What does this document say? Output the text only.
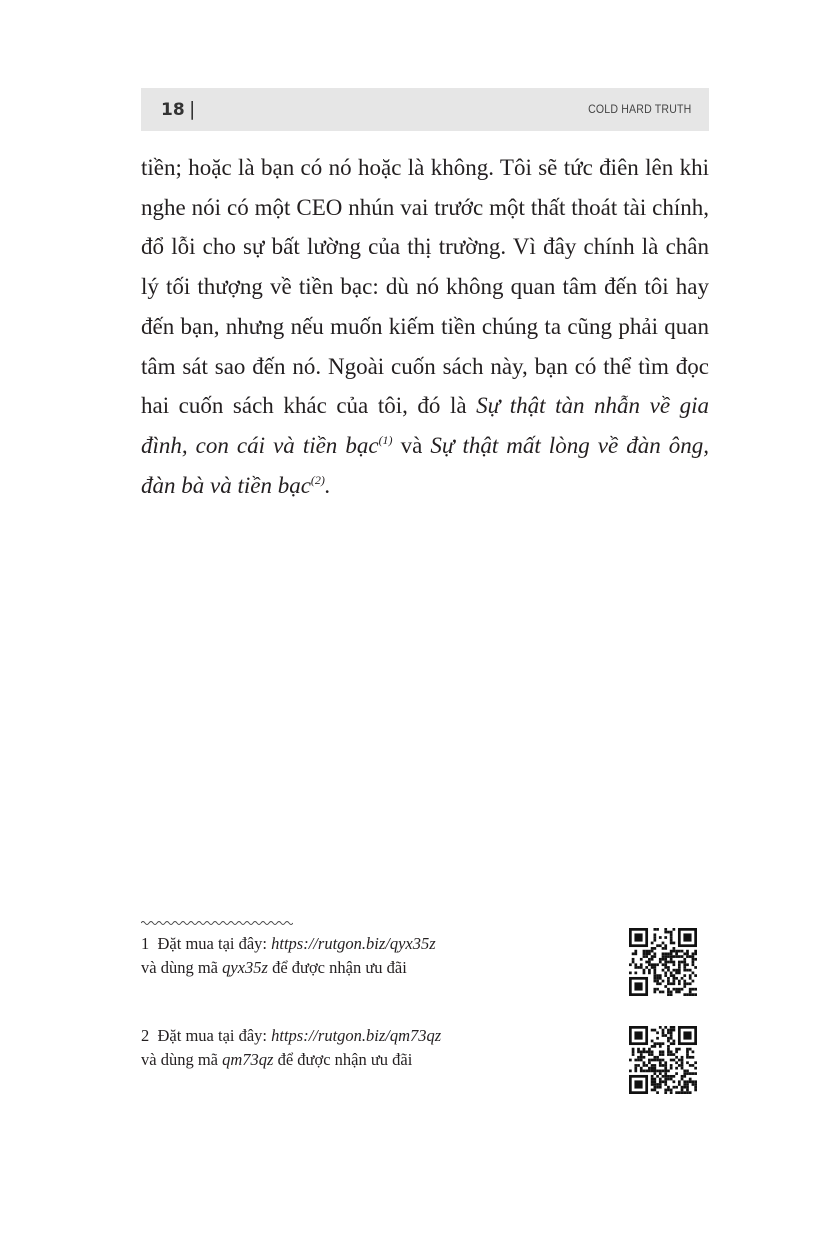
18 |	COLD HARD TRUTH

tiền; hoặc là bạn có nó hoặc là không. Tôi sẽ tức điên lên khi nghe nói có một CEO nhún vai trước một thất thoát tài chính, đổ lỗi cho sự bất lường của thị trường. Vì đây chính là chân lý tối thượng về tiền bạc: dù nó không quan tâm đến tôi hay đến bạn, nhưng nếu muốn kiếm tiền chúng ta cũng phải quan tâm sát sao đến nó. Ngoài cuốn sách này, bạn có thể tìm đọc hai cuốn sách khác của tôi, đó là Sự thật tàn nhẫn về gia đình, con cái và tiền bạc$^{(1)}$ và Sự thật mất lòng về đàn ông, đàn bà và tiền bạc$^{(2)}$.

1 Đặt mua tại đây: https://rutgon.biz/qyx35z
và dùng mã qyx35z để được nhận ưu đãi
2 Đặt mua tại đây: https://rutgon.biz/qm73qz
và dùng mã qm73qz để được nhận ưu đãi
